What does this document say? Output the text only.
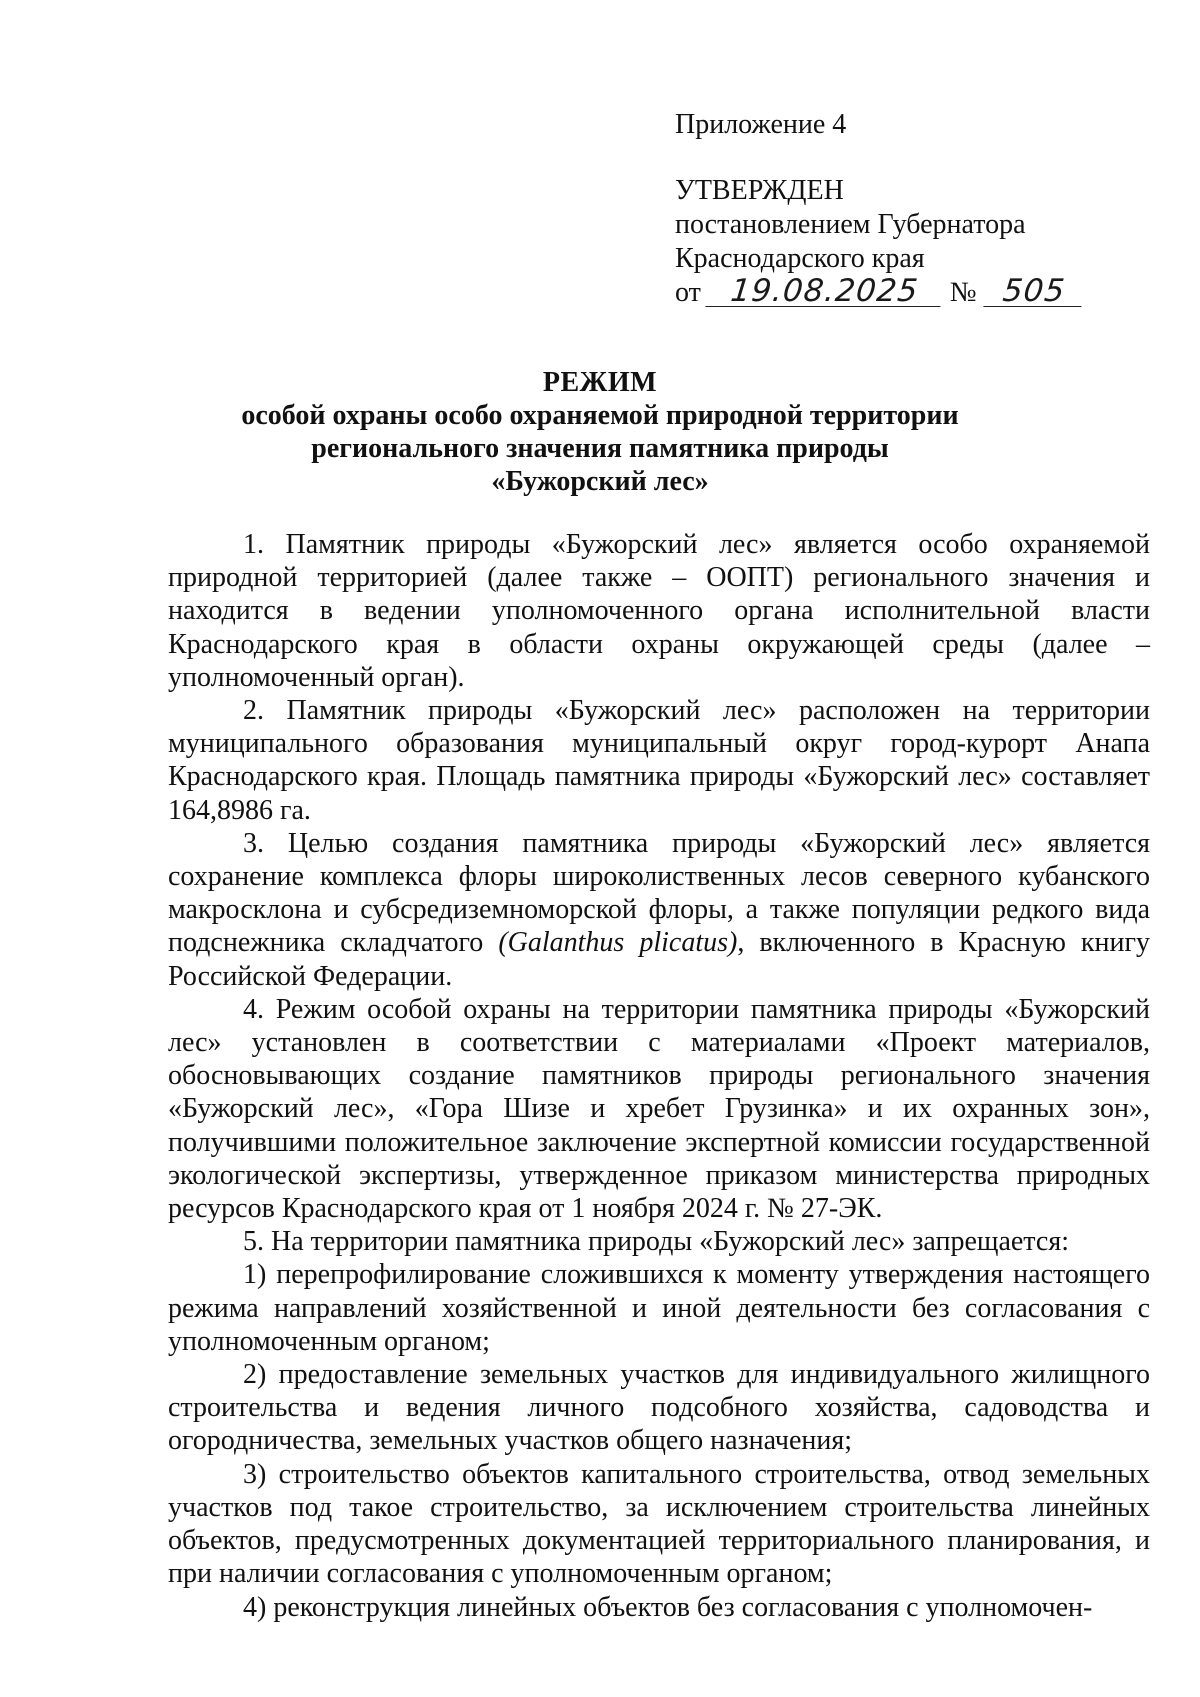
Приложение 4
УТВЕРЖДЕН
постановлением Губернатора
Краснодарского края
от 19.08.2025	№ 505
РЕЖИМ
особой охраны особо охраняемой природной территории
регионального значения памятника природы
«Бужорский лес»

1. Памятник природы «Бужорский лес» является особо охраняемой природной территорией (далее также – ООПТ) регионального значения и находится в ведении уполномоченного органа исполнительной власти Краснодарского края в области охраны окружающей среды (далее – уполномоченный орган).

2. Памятник природы «Бужорский лес» расположен на территории муниципального образования муниципальный округ город-курорт Анапа Краснодарского края. Площадь памятника природы «Бужорский лес» составляет 164,8986 га.

3. Целью создания памятника природы «Бужорский лес» является сохранение комплекса флоры широколиственных лесов северного кубанского макросклона и субсредиземноморской флоры, а также популяции редкого вида подснежника складчатого (Galanthus plicatus), включенного в Красную книгу Российской Федерации.

4. Режим особой охраны на территории памятника природы «Бужорский лес» установлен в соответствии с материалами «Проект материалов, обосновывающих создание памятников природы регионального значения «Бужорский лес», «Гора Шизе и хребет Грузинка» и их охранных зон», получившими положительное заключение экспертной комиссии государственной экологической экспертизы, утвержденное приказом министерства природных ресурсов Краснодарского края от 1 ноября 2024 г. № 27-ЭК.

5. На территории памятника природы «Бужорский лес» запрещается:

1) перепрофилирование сложившихся к моменту утверждения настоящего режима направлений хозяйственной и иной деятельности без согласования с уполномоченным органом;

2) предоставление земельных участков для индивидуального жилищного строительства и ведения личного подсобного хозяйства, садоводства и огородничества, земельных участков общего назначения;

3) строительство объектов капитального строительства, отвод земельных участков под такое строительство, за исключением строительства линейных объектов, предусмотренных документацией территориального планирования, и при наличии согласования с уполномоченным органом;

4) реконструкция линейных объектов без согласования с уполномочен-
